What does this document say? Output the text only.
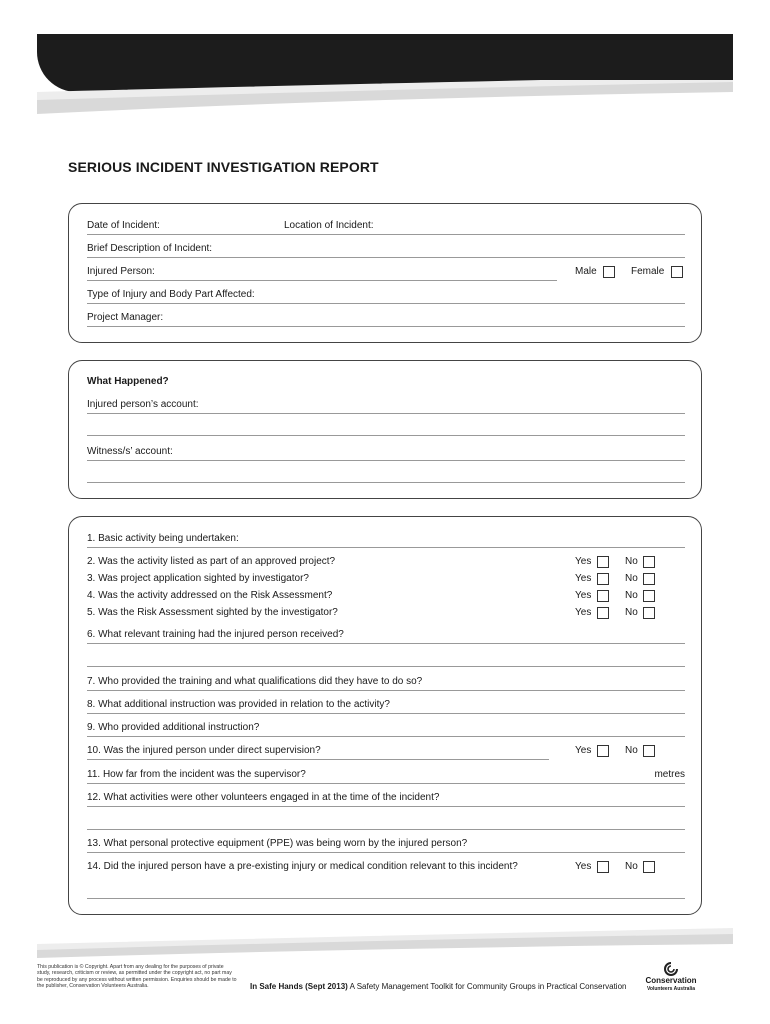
SERIOUS INCIDENT INVESTIGATION REPORT
Date of Incident:	Location of Incident:
Brief Description of Incident:
Injured Person:	Male	Female
Type of Injury and Body Part Affected:
Project Manager:
What Happened?
Injured person’s account:
Witness/s’ account:
1. Basic activity being undertaken:
2. Was the activity listed as part of an approved project?	Yes	No
3. Was project application sighted by investigator?	Yes	No
4. Was the activity addressed on the Risk Assessment?	Yes	No
5. Was the Risk Assessment sighted by the investigator?	Yes	No
6. What relevant training had the injured person received?
7. Who provided the training and what qualifications did they have to do so?
8. What additional instruction was provided in relation to the activity?
9. Who provided additional instruction?
10. Was the injured person under direct supervision?	Yes	No
11. How far from the incident was the supervisor?	metres
12. What activities were other volunteers engaged in at the time of the incident?
13. What personal protective equipment (PPE) was being worn by the injured person?
14. Did the injured person have a pre-existing injury or medical condition relevant to this incident?	Yes	No
This publication is © Copyright. Apart from any dealing for the purposes of private study, research, criticism or review, as permitted under the copyright act, no part may be reproduced by any process without written permission. Enquiries should be made to the publisher, Conservation Volunteers Australia.	In Safe Hands (Sept 2013) A Safety Management Toolkit for Community Groups in Practical Conservation
Conservation
Volunteers Australia
